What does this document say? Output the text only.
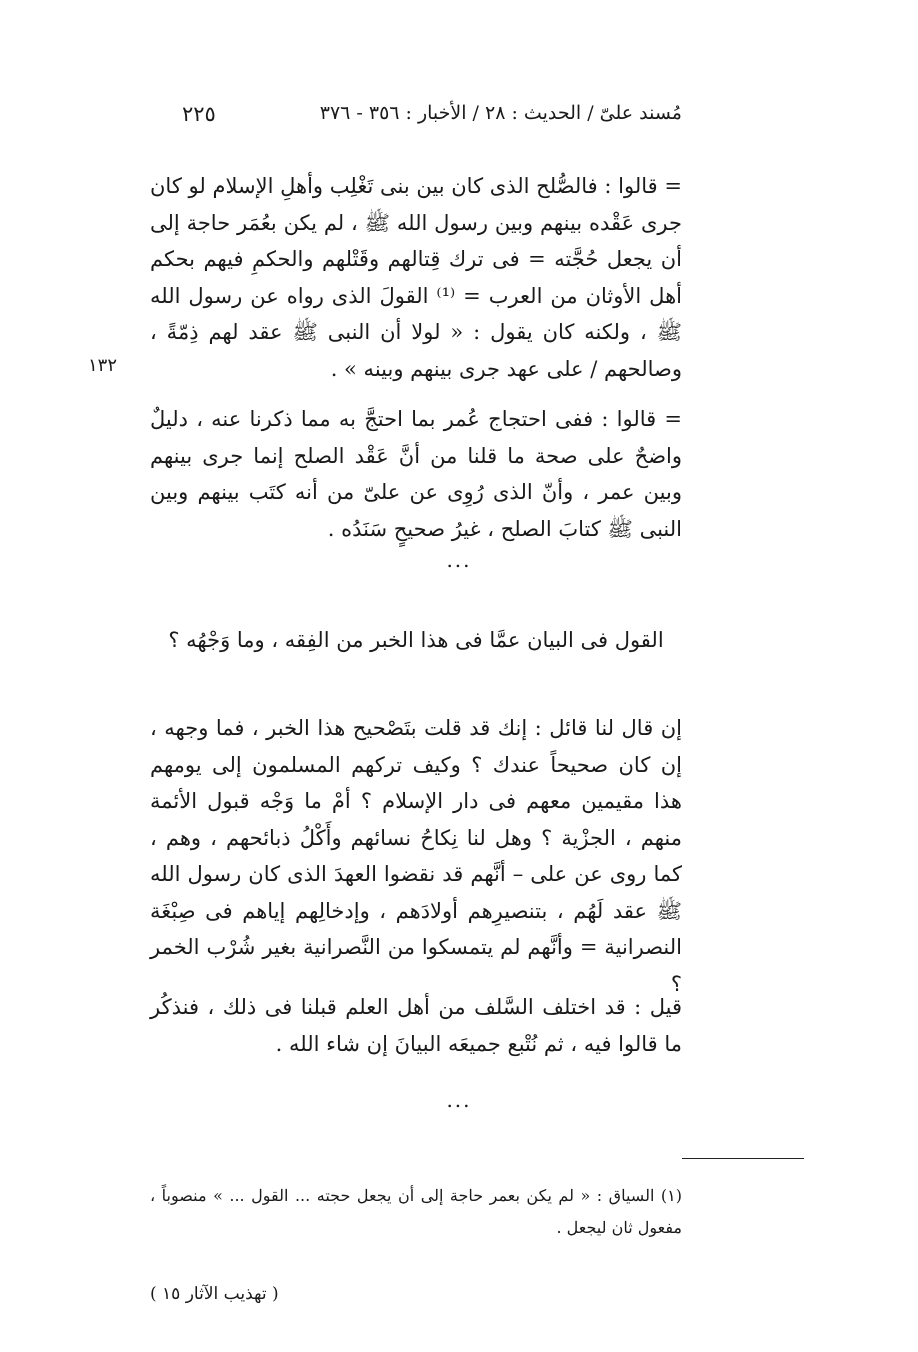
مُسند علىّ / الحديث : ٢٨ / الأخبار : ٣٥٦ - ٣٧٦
٢٢٥
١٣٢

= قالوا : فالصُّلح الذى كان بين بنى تَغْلِب وأهلِ الإسلام لو كان جرى عَقْده بينهم وبين رسول الله ﷺ ، لم يكن بعُمَر حاجة إلى أن يجعل حُجَّته = فى ترك قِتالهم وقَتْلهم والحكمِ فيهم بحكم أهل الأوثان من العرب = ⁽¹⁾ القولَ الذى رواه عن رسول الله ﷺ ، ولكنه كان يقول : « لولا أن النبى ﷺ عقد لهم ذِمّةً ، وصالحهم / على عهد جرى بينهم وبينه » .

= قالوا : ففى احتجاج عُمر بما احتجَّ به مما ذكرنا عنه ، دليلٌ واضحٌ على صحة ما قلنا من أنَّ عَقْد الصلح إنما جرى بينهم وبين عمر ، وأنّ الذى رُوِى عن علىّ من أنه كتَب بينهم وبين النبى ﷺ كتابَ الصلح ، غيرُ صحيحٍ سَنَدُه .

...
القول فى البيان عمَّا فى هذا الخبر من الفِقه ، وما وَجْهُه ؟

إن قال لنا قائل : إنك قد قلت بتَصْحيح هذا الخبر ، فما وجهه ، إن كان صحيحاً عندك ؟ وكيف تركهم المسلمون إلى يومهم هذا مقيمين معهم فى دار الإسلام ؟ أمْ ما وَجْه قبول الأئمة منهم ، الجزْية ؟ وهل لنا نِكاحُ نسائهم وأَكْلُ ذبائحهم ، وهم ، كما روى عن على – أنَّهم قد نقضوا العهدَ الذى كان رسول الله ﷺ عقد لَهُم ، بتنصيرِهم أولادَهم ، وإدخالِهم إياهم فى صِبْغَة النصرانية = وأنَّهم لم يتمسكوا من النَّصرانية بغير شُرْب الخمر ؟

قيل : قد اختلف السَّلف من أهل العلم قبلنا فى ذلك ، فنذكُر ما قالوا فيه ، ثم نُتْبع جميعَه البيانَ إن شاء الله .

...

(١) السياق : « لم يكن بعمر حاجة إلى أن يجعل حجته ... القول ... » منصوباً ، مفعول ثان ليجعل .

( تهذيب الآثار ١٥ )
